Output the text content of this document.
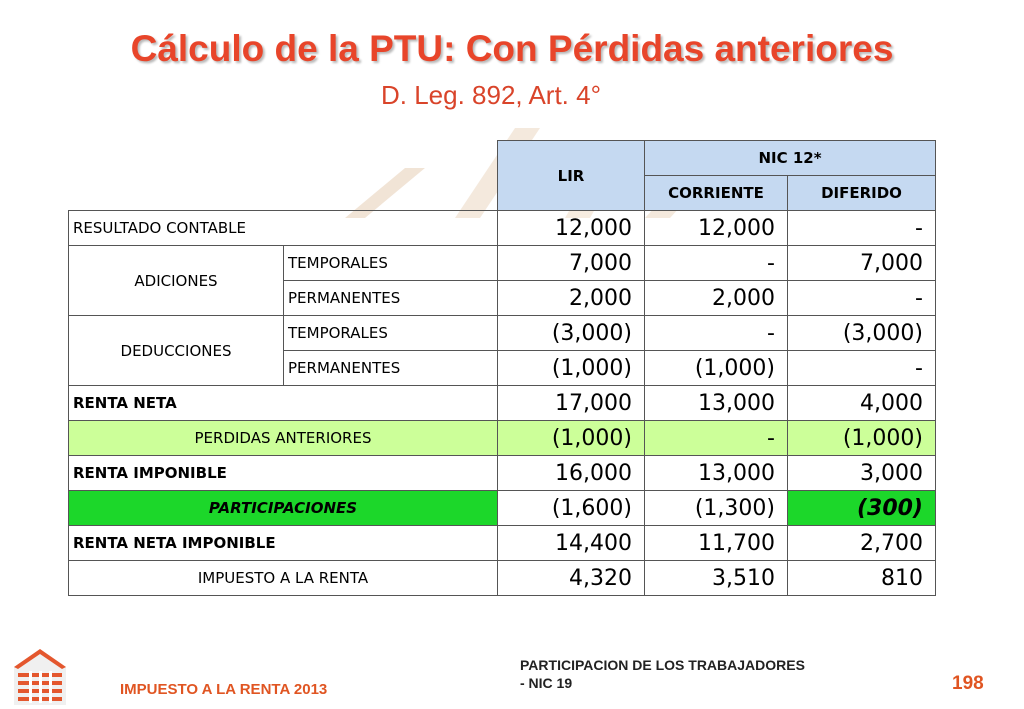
Cálculo de la PTU: Con Pérdidas anteriores
D. Leg. 892, Art. 4°
		LIR	NIC 12*	
			CORRIENTE	DIFERIDO
RESULTADO CONTABLE		12,000	12,000	-
ADICIONES	TEMPORALES	7,000	-	7,000
	PERMANENTES	2,000	2,000	-
DEDUCCIONES	TEMPORALES	(3,000)	-	(3,000)
	PERMANENTES	(1,000)	(1,000)	-
RENTA NETA		17,000	13,000	4,000
PERDIDAS ANTERIORES		(1,000)	-	(1,000)
RENTA IMPONIBLE		16,000	13,000	3,000
PARTICIPACIONES		(1,600)	(1,300)	(300)
RENTA NETA IMPONIBLE		14,400	11,700	2,700
IMPUESTO A LA RENTA		4,320	3,510	810
IMPUESTO A LA RENTA 2013
PARTICIPACION DE LOS TRABAJADORES
- NIC 19	198
